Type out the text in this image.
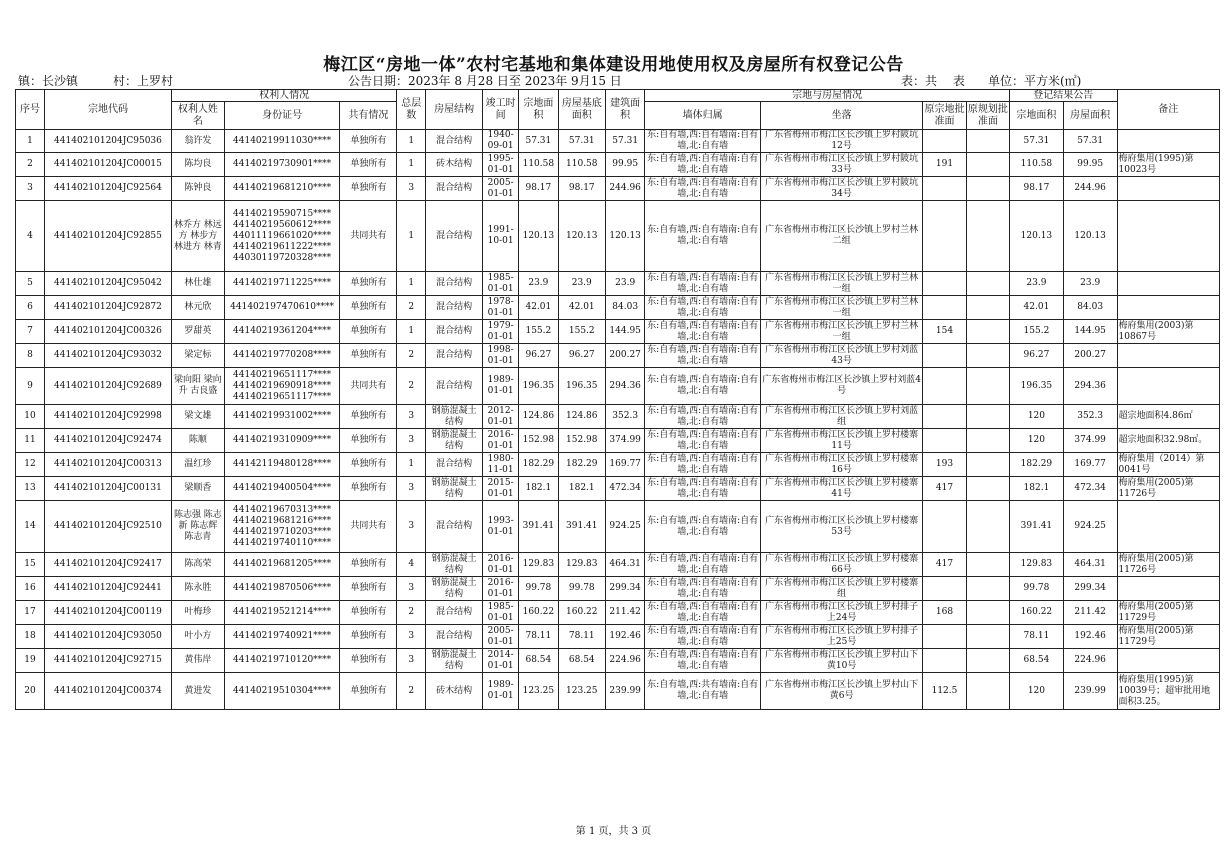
梅江区“房地一体”农村宅基地和集体建设用地使用权及房屋所有权登记公告
镇：长沙镇	村：上罗村	公告日期：2023年 8 月28 日至 2023年 9月15 日	表：共　 表 单位：平方米(㎡)
序号	宗地代码	权利人情况			总层数	房屋结构	竣工时间	宗地面积	房屋基底面积	建筑面积	宗地与房屋情况				登记结果公告		备注
		权利人姓名	身份证号	共有情况							墙体归属	坐落	原宗地批准面	原规划批准面	宗地面积	房屋面积	
1	441402101204JC95036	翁许发	44140219911030****	单独所有	1	混合结构	1940-09-01	57.31	57.31	57.31	东:自有墙,西:自有墙南:自有墙,北:自有墙	广东省梅州市梅江区长沙镇上罗村陂坑12号			57.31	57.31	
2	441402101204JC00015	陈均良	44140219730901****	单独所有	1	砖木结构	1995-01-01	110.58	110.58	99.95	东:自有墙,西:自有墙南:自有墙,北:自有墙	广东省梅州市梅江区长沙镇上罗村陂坑33号	191		110.58	99.95	梅府集用(1995)第10023号
3	441402101204JC92564	陈钟良	44140219681210****	单独所有	3	混合结构	2005-01-01	98.17	98.17	244.96	东:自有墙,西:自有墙南:自有墙,北:自有墙	广东省梅州市梅江区长沙镇上罗村陂坑34号			98.17	244.96	
4	441402101204JC92855	林乔方 林远方 林步方 林进方 林青	44140219590715**** 44140219560612**** 44011119661020**** 44140219611222**** 44030119720328****	共同共有	1	混合结构	1991-10-01	120.13	120.13	120.13	东:自有墙,西:自有墙南:自有墙,北:自有墙	广东省梅州市梅江区长沙镇上罗村兰林二组			120.13	120.13	
5	441402101204JC95042	林仕雄	44140219711225****	单独所有	1	混合结构	1985-01-01	23.9	23.9	23.9	东:自有墙,西:自有墙南:自有墙,北:自有墙	广东省梅州市梅江区长沙镇上罗村兰林一组			23.9	23.9	
6	441402101204JC92872	林元欣	441402197470610****	单独所有	2	混合结构	1978-01-01	42.01	42.01	84.03	东:自有墙,西:自有墙南:自有墙,北:自有墙	广东省梅州市梅江区长沙镇上罗村兰林一组			42.01	84.03	
7	441402101204JC00326	罗甜英	44140219361204****	单独所有	1	混合结构	1979-01-01	155.2	155.2	144.95	东:自有墙,西:自有墙南:自有墙,北:自有墙	广东省梅州市梅江区长沙镇上罗村兰林一组	154		155.2	144.95	梅府集用(2003)第10867号
8	441402101204JC93032	梁定标	44140219770208****	单独所有	2	混合结构	1998-01-01	96.27	96.27	200.27	东:自有墙,西:自有墙南:自有墙,北:自有墙	广东省梅州市梅江区长沙镇上罗村刘蓝43号			96.27	200.27	
9	441402101204JC92689	梁向阳 梁向升 古良盛	44140219651117**** 44140219690918**** 44140219651117****	共同共有	2	混合结构	1989-01-01	196.35	196.35	294.36	东:自有墙,西:自有墙南:自有墙,北:自有墙	广东省梅州市梅江区长沙镇上罗村刘蓝4号			196.35	294.36	
10	441402101204JC92998	梁文雄	44140219931002****	单独所有	3	钢筋混凝土结构	2012-01-01	124.86	124.86	352.3	东:自有墙,西:自有墙南:自有墙,北:自有墙	广东省梅州市梅江区长沙镇上罗村刘蓝组			120	352.3	超宗地面积4.86㎡
11	441402101204JC92474	陈顺	44140219310909****	单独所有	3	钢筋混凝土结构	2016-01-01	152.98	152.98	374.99	东:自有墙,西:自有墙南:自有墙,北:自有墙	广东省梅州市梅江区长沙镇上罗村楼寨11号			120	374.99	超宗地面积32.98㎡。
12	441402101204JC00313	温红珍	44142119480128****	单独所有	1	混合结构	1980-11-01	182.29	182.29	169.77	东:自有墙,西:自有墙南:自有墙,北:自有墙	广东省梅州市梅江区长沙镇上罗村楼寨16号	193		182.29	169.77	梅府集用（2014）第0041号
13	441402101204JC00131	梁顺香	44140219400504****	单独所有	3	钢筋混凝土结构	2015-01-01	182.1	182.1	472.34	东:自有墙,西:自有墙南:自有墙,北:自有墙	广东省梅州市梅江区长沙镇上罗村楼寨41号	417		182.1	472.34	梅府集用(2005)第11726号
14	441402101204JC92510	陈志强 陈志新 陈志辉 陈志青	44140219670313**** 44140219681216**** 44140219710203**** 44140219740110****	共同共有	3	混合结构	1993-01-01	391.41	391.41	924.25	东:自有墙,西:自有墙南:自有墙,北:自有墙	广东省梅州市梅江区长沙镇上罗村楼寨53号			391.41	924.25	
15	441402101204JC92417	陈高荣	44140219681205****	单独所有	4	钢筋混凝土结构	2016-01-01	129.83	129.83	464.31	东:自有墙,西:自有墙南:自有墙,北:自有墙	广东省梅州市梅江区长沙镇上罗村楼寨66号	417		129.83	464.31	梅府集用(2005)第11726号
16	441402101204JC92441	陈永胜	44140219870506****	单独所有	3	钢筋混凝土结构	2016-01-01	99.78	99.78	299.34	东:自有墙,西:自有墙南:自有墙,北:自有墙	广东省梅州市梅江区长沙镇上罗村楼寨组			99.78	299.34	
17	441402101204JC00119	叶梅珍	44140219521214****	单独所有	2	混合结构	1985-01-01	160.22	160.22	211.42	东:自有墙,西:自有墙南:自有墙,北:自有墙	广东省梅州市梅江区长沙镇上罗村排子上24号	168		160.22	211.42	梅府集用(2005)第11729号
18	441402101204JC93050	叶小方	44140219740921****	单独所有	3	混合结构	2005-01-01	78.11	78.11	192.46	东:自有墙,西:自有墙南:自有墙,北:自有墙	广东省梅州市梅江区长沙镇上罗村排子上25号			78.11	192.46	梅府集用(2005)第11729号
19	441402101204JC92715	黄伟岸	44140219710120****	单独所有	3	钢筋混凝土结构	2014-01-01	68.54	68.54	224.96	东:自有墙,西:自有墙南:自有墙,北:自有墙	广东省梅州市梅江区长沙镇上罗村山下黄10号			68.54	224.96	
20	441402101204JC00374	黄进发	44140219510304****	单独所有	2	砖木结构	1989-01-01	123.25	123.25	239.99	东:自有墙,西:共有墙南:自有墙,北:自有墙	广东省梅州市梅江区长沙镇上罗村山下黄6号	112.5		120	239.99	梅府集用(1995)第10039号；超审批用地面积3.25。
第 1 页，共 3 页
